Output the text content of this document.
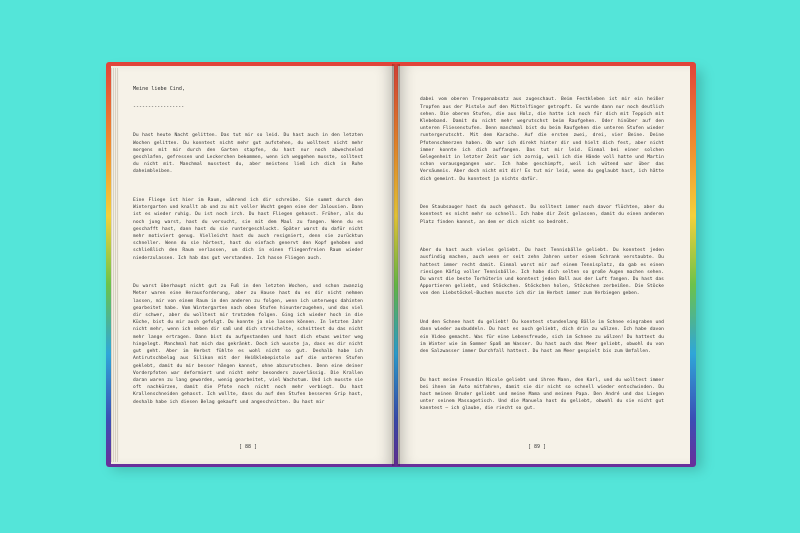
Meine liebe Cind,
-----------------

Du hast heute Nacht gelitten. Das tut mir so leid. Du hast auch in den letzten Wochen gelitten. Du konntest nicht mehr gut aufstehen, du wolltest nicht mehr morgens mit mir durch den Garten stapfen, du hast nur noch abwechselnd geschlafen, gefressen und Leckerchen bekommen, wenn ich weggehen musste, solltest du nicht mit. Manchmal musstest du, aber meistens ließ ich dich in Ruhe daheimbleiben.

Eine Fliege ist hier im Raum, während ich dir schreibe. Sie summt durch den Wintergarten und knallt ab und zu mit voller Wucht gegen eine der Jalousien. Dann ist es wieder ruhig. Du ist noch irch. Du hast Fliegen gehasst. Früher, als du noch jung warst, hast du versucht, sie mit dem Maul zu fangen. Wenn du es geschafft hast, dann hast du sie runtergeschluckt. Später warst du dafür nicht mehr motiviert genug. Vielleicht hast du auch resigniert, denn sie zurücktun schneller. Wenn du sie hörtest, hast du einfach genervt den Kopf gehoben und schließlich den Raum verlassen, um dich in einen fliegenfreien Raum wieder niederzulassen. Ich hab das gut verstanden. Ich hasse Fliegen auch.

Du warst überhaupt nicht gut zu Fuß in den letzten Wochen, und schon zwanzig Meter waren eine Herausforderung, aber zu Hause hast du es dir nicht nehmen lassen, mir von einem Raum in den anderen zu folgen, wenn ich unterwegs dahinten gearbeitet habe. Vom Wintergarten nach oben Stufen hinunterzugehen, und das viel dir schwer, aber du wolltest mir trotzdem folgen. Ging ich wieder hoch in die Küche, bist du mir auch gefolgt. Du konnte ja nie lassen können. In letzten Jahr nicht mehr, wenn ich neben dir saß und dich streichelte, schnittest du das nicht mehr lange ertragen. Dann bist du aufgestanden und hast dich etwas weiter weg hingelegt. Manchmal hat mich das gekränkt. Doch ich wusste ja, dass es dir nicht gut geht. Aber im Herbst fühlte es wohl nicht so gut. Deshalb habe ich Antirutschbelag aus Silikon mit der Heißklebepistole auf die unteren Stufen geklebt, damit du mir besser hängen kannst, ohne abzurutschen. Denn eine deiner Vorderpfoten war deformiert und nicht mehr besonders zuverlässig. Die Krallen daran waren zu lang geworden, wenig gearbeitet, viel Wachstum. Und ich musste sie oft nachkürzen, damit die Pfote noch nicht noch mehr verbiegt. Du hast Krallenschneiden gehasst. Ich wollte, dass du auf den Stufen besseren Grip hast, deshalb habe ich diesen Belag gekauft und angeschnitten. Du hast mir

[ 88 ]

dabei vom oberen Treppenabsatz aus zugeschaut. Beim Festkleben ist mir ein heißer Tropfen aus der Pistole auf den Mittelfinger getropft. Es wurde dann nur noch deutlich sehen. Die oberen Stufen, die aus Holz, die hatte ich noch für dich mit Teppich mit Klebeband. Damit du nicht mehr wegrutschst beim Raufgehen. Oder hinüber auf den unteren Fliesenstufen. Denn manchmal bist du beim Raufgehen die unteren Stufen wieder runtergerutscht. Mit dem Karacho. Auf die ersten zwei, drei, vier Beine. Deine Pfotenschmerzen haben. Ob war ich direkt hinter dir und hielt dich fest, aber nicht immer konnte ich dich auffangen. Das tut mir leid. Einmal bei einer solchen Gelegenheit in letzter Zeit war ich zornig, weil ich die Hände voll hatte und Martin schon vorausgegangen war. Ich habe geschimpft, weil ich wütend war über das Versäumnis. Aber doch nicht mit dir! Es tut mir leid, wenn du geglaubt hast, ich hätte dich gemeint. Du konntest ja nichts dafür.

Den Staubsauger hast du auch gehasst. Du solltest immer noch davor flüchten, aber du konntest es nicht mehr so schnell. Ich habe dir Zeit gelassen, damit du einen anderen Platz finden kannst, an dem er dich nicht so bedroht.

Aber du hast auch vieles geliebt. Du hast Tennisbälle geliebt. Du konntest jeden ausfindig machen, auch wenn er seit zehn Jahren unter einem Schrank verstaubte. Du hattest immer recht damit. Einmal warst mir auf einem Tennisplatz, da gab es einen riesigen Käfig voller Tennisbälle. Ich habe dich selten so große Augen machen sehen. Du warst die beste Torhüterin und konntest jeden Ball aus der Luft fangen. Du hast das Apportieren geliebt, und Stöckchen. Stöckchen holen, Stöckchen zerbeißen. Die Stöcke von den Liebstöckel-Buchen musste ich dir im Herbst immer zum Verbiegen geben.

Und den Schnee hast du geliebt! Du konntest stundenlang Bälle im Schnee eingraben und dann wieder ausbuddeln. Du hast es auch geliebt, dich drin zu wälzen. Ich habe davon ein Video gemacht. Was für eine Lebensfreude, sich im Schnee zu wälzen! Du hattest du im Winter wie im Sommer Spaß am Wasser. Du hast auch das Meer geliebt, obwohl du von den Salzwasser immer Durchfall hattest. Du hast am Meer gespielt bis zum Umfallen.

Du hast meine Freundin Nicole geliebt und ihren Mann, den Karl, und du wolltest immer bei ihnen im Auto mitfahren, damit sie dir nicht so schnell wieder entschwinden. Du hast meinen Bruder geliebt und meine Mama und meinen Papa. Den André und das Liegen unter seinem Massagetisch. Und die Manuela hast du geliebt, obwohl du sie nicht gut kanntest – ich glaube, die riecht so gut.

[ 89 ]
